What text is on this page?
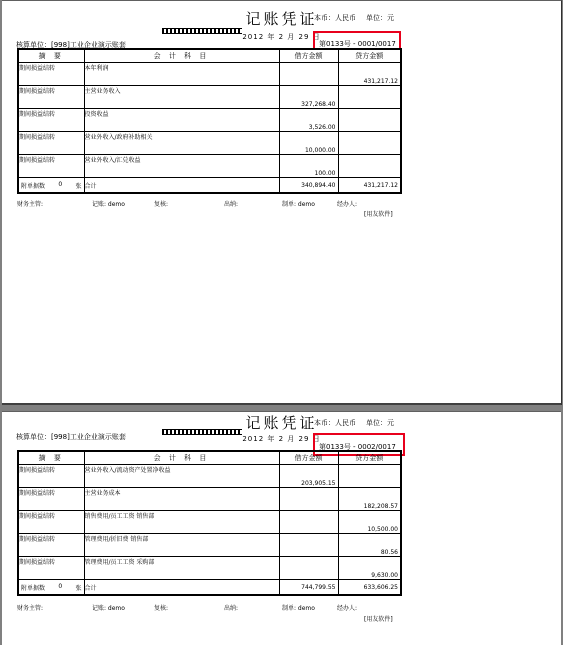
记账凭证
本币：人民币 单位：元
2012 年 2 月 29 日
核算单位：[998]工业企业演示账套	第0133号 - 0001/0017
摘 要	会 计 科 目	借方金额	贷方金额
期间损益结转	本年利润		431,217.12
期间损益结转	主营业务收入	327,268.40	
期间损益结转	投资收益	3,526.00	
期间损益结转	营业外收入/政府补助相关	10,000.00	
期间损益结转	营业外收入/汇兑收益	100.00	

附单据数 0 张	合计	340,894.40	431,217.12
财务主管:	记账: demo	复核:	出纳:	制单: demo	经办人:
[用友软件]
记账凭证
本币：人民币 单位：元
2012 年 2 月 29 日
核算单位：[998]工业企业演示账套
第0133号 - 0002/0017
摘 要	会 计 科 目	借方金额	贷方金额
期间损益结转	营业外收入/流动资产处置净收益	203,905.15	
期间损益结转	主营业务成本		182,208.57
期间损益结转	销售费用/员工工资 销售部		10,500.00
期间损益结转	管理费用/折旧费 销售部		80.56
期间损益结转	管理费用/员工工资 采购部		9,630.00

附单据数 0 张	合计	744,799.55	633,606.25
财务主管:	记账: demo	复核:	出纳:	制单: demo	经办人:
[用友软件]
